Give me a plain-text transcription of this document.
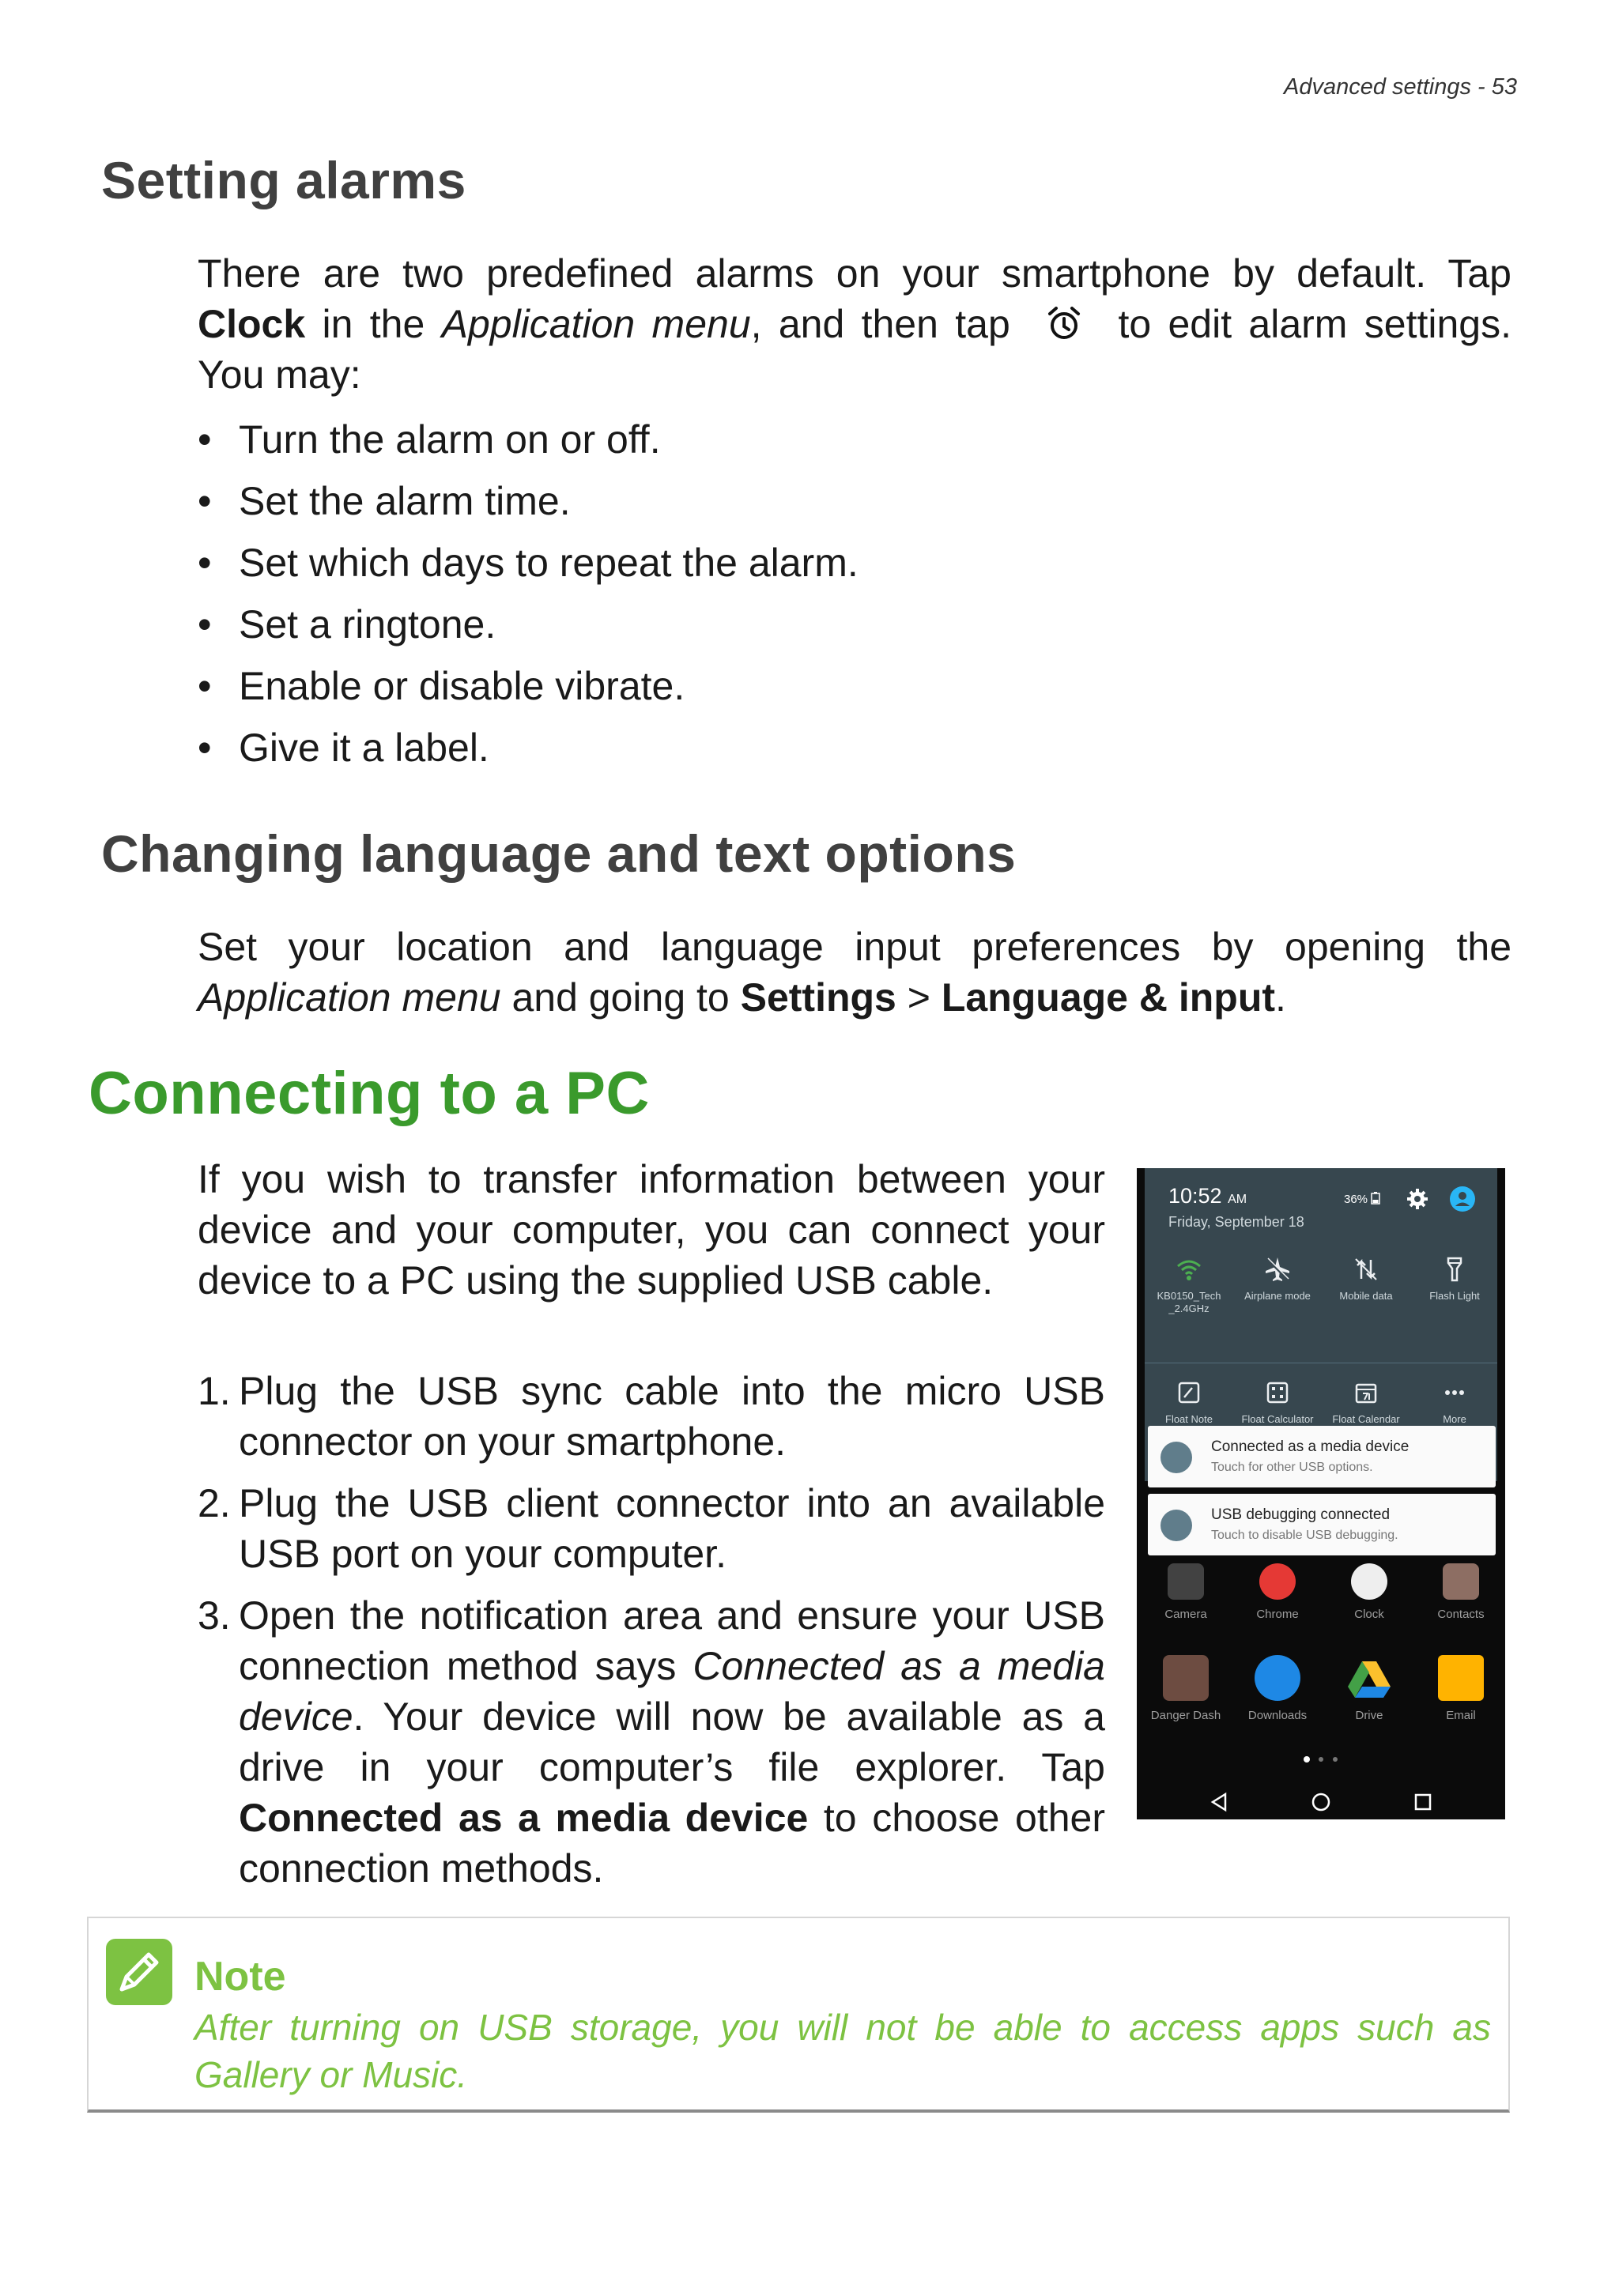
Advanced settings - 53
Setting alarms
There are two predefined alarms on your smartphone by default. Tap Clock in the Application menu, and then tap  to edit alarm settings. You may:
• Turn the alarm on or off.
• Set the alarm time.
• Set which days to repeat the alarm.
• Set a ringtone.
• Enable or disable vibrate.
• Give it a label.
Changing language and text options
Set your location and language input preferences by opening the Application menu and going to Settings > Language & input.
Connecting to a PC
If you wish to transfer information between your device and your computer, you can connect your device to a PC using the supplied USB cable.
1. Plug the USB sync cable into the micro USB connector on your smartphone.
2. Plug the USB client connector into an available USB port on your computer.
3. Open the notification area and ensure your USB connection method says Connected as a media device. Your device will now be available as a drive in your computer’s file explorer. Tap Connected as a media device to choose other connection methods.
10:52 AM
Friday, September 18
36%
KB0150_Tech _2.4GHz
Airplane mode	Mobile data	Flash Light
Float Note	Float Calculator	Float Calendar	More
Connected as a media device
Touch for other USB options.
USB debugging connected
Touch to disable USB debugging.
Camera	Chrome	Clock	Contacts
Danger Dash	Downloads	Drive	Email
Note
After turning on USB storage, you will not be able to access apps such as Gallery or Music.
